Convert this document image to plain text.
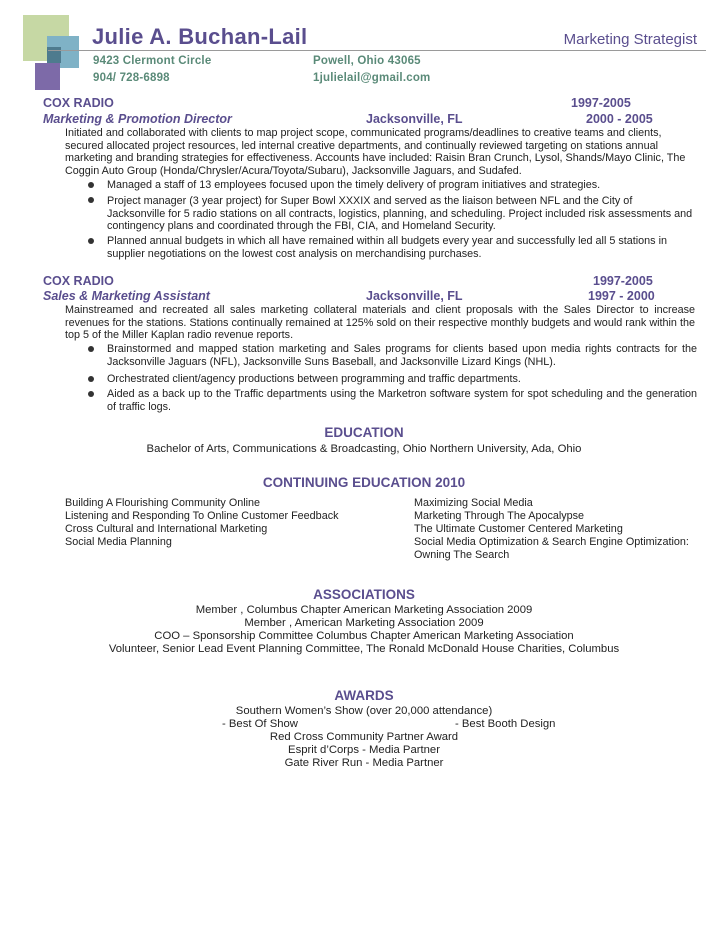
Julie A. Buchan-Lail	Marketing Strategist
9423 Clermont Circle
904/ 728-6898
Powell, Ohio 43065
1julielail@gmail.com
COX RADIO	1997-2005
Marketing & Promotion Director	Jacksonville, FL	2000 - 2005
Initiated and collaborated with clients to map project scope, communicated programs/deadlines to creative teams and clients, secured allocated project resources, led internal creative departments, and continually reviewed targeting on stations annual marketing and branding strategies for effectiveness. Accounts have included: Raisin Bran Crunch, Lysol, Shands/Mayo Clinic, The Coggin Auto Group (Honda/Chrysler/Acura/Toyota/Subaru), Jacksonville Jaguars, and Sudafed.
Managed a staff of 13 employees focused upon the timely delivery of program initiatives and strategies.
Project manager (3 year project) for Super Bowl XXXIX and served as the liaison between NFL and the City of Jacksonville for 5 radio stations on all contracts, logistics, planning, and scheduling. Project included risk assessments and contingency plans and coordinated through the FBI, CIA, and Homeland Security.
Planned annual budgets in which all have remained within all budgets every year and successfully led all 5 stations in supplier negotiations on the lowest cost analysis on merchandising purchases.
COX RADIO	1997-2005
Sales & Marketing Assistant	Jacksonville, FL	1997 - 2000
Mainstreamed and recreated all sales marketing collateral materials and client proposals with the Sales Director to increase revenues for the stations. Stations continually remained at 125% sold on their respective monthly budgets and would rank within the top 5 of the Miller Kaplan radio revenue reports.
Brainstormed and mapped station marketing and Sales programs for clients based upon media rights contracts for the Jacksonville Jaguars (NFL), Jacksonville Suns Baseball, and Jacksonville Lizard Kings (NHL).
Orchestrated client/agency productions between programming and traffic departments.
Aided as a back up to the Traffic departments using the Marketron software system for spot scheduling and the generation of traffic logs.
EDUCATION
Bachelor of Arts, Communications & Broadcasting, Ohio Northern University, Ada, Ohio
CONTINUING EDUCATION 2010
Building A Flourishing Community Online
Listening and Responding To Online Customer Feedback
Cross Cultural and International Marketing
Social Media Planning
Maximizing Social Media
Marketing Through The Apocalypse
The Ultimate Customer Centered Marketing
Social Media Optimization & Search Engine Optimization:
Owning The Search
ASSOCIATIONS
Member , Columbus Chapter American Marketing Association 2009
Member , American Marketing Association 2009
COO – Sponsorship Committee Columbus Chapter American Marketing Association
Volunteer, Senior Lead Event Planning Committee, The Ronald McDonald House Charities, Columbus
AWARDS
Southern Women’s Show (over 20,000 attendance)
- Best Of Show	- Best Booth Design
Red Cross Community Partner Award
Esprit d’Corps - Media Partner
Gate River Run - Media Partner
